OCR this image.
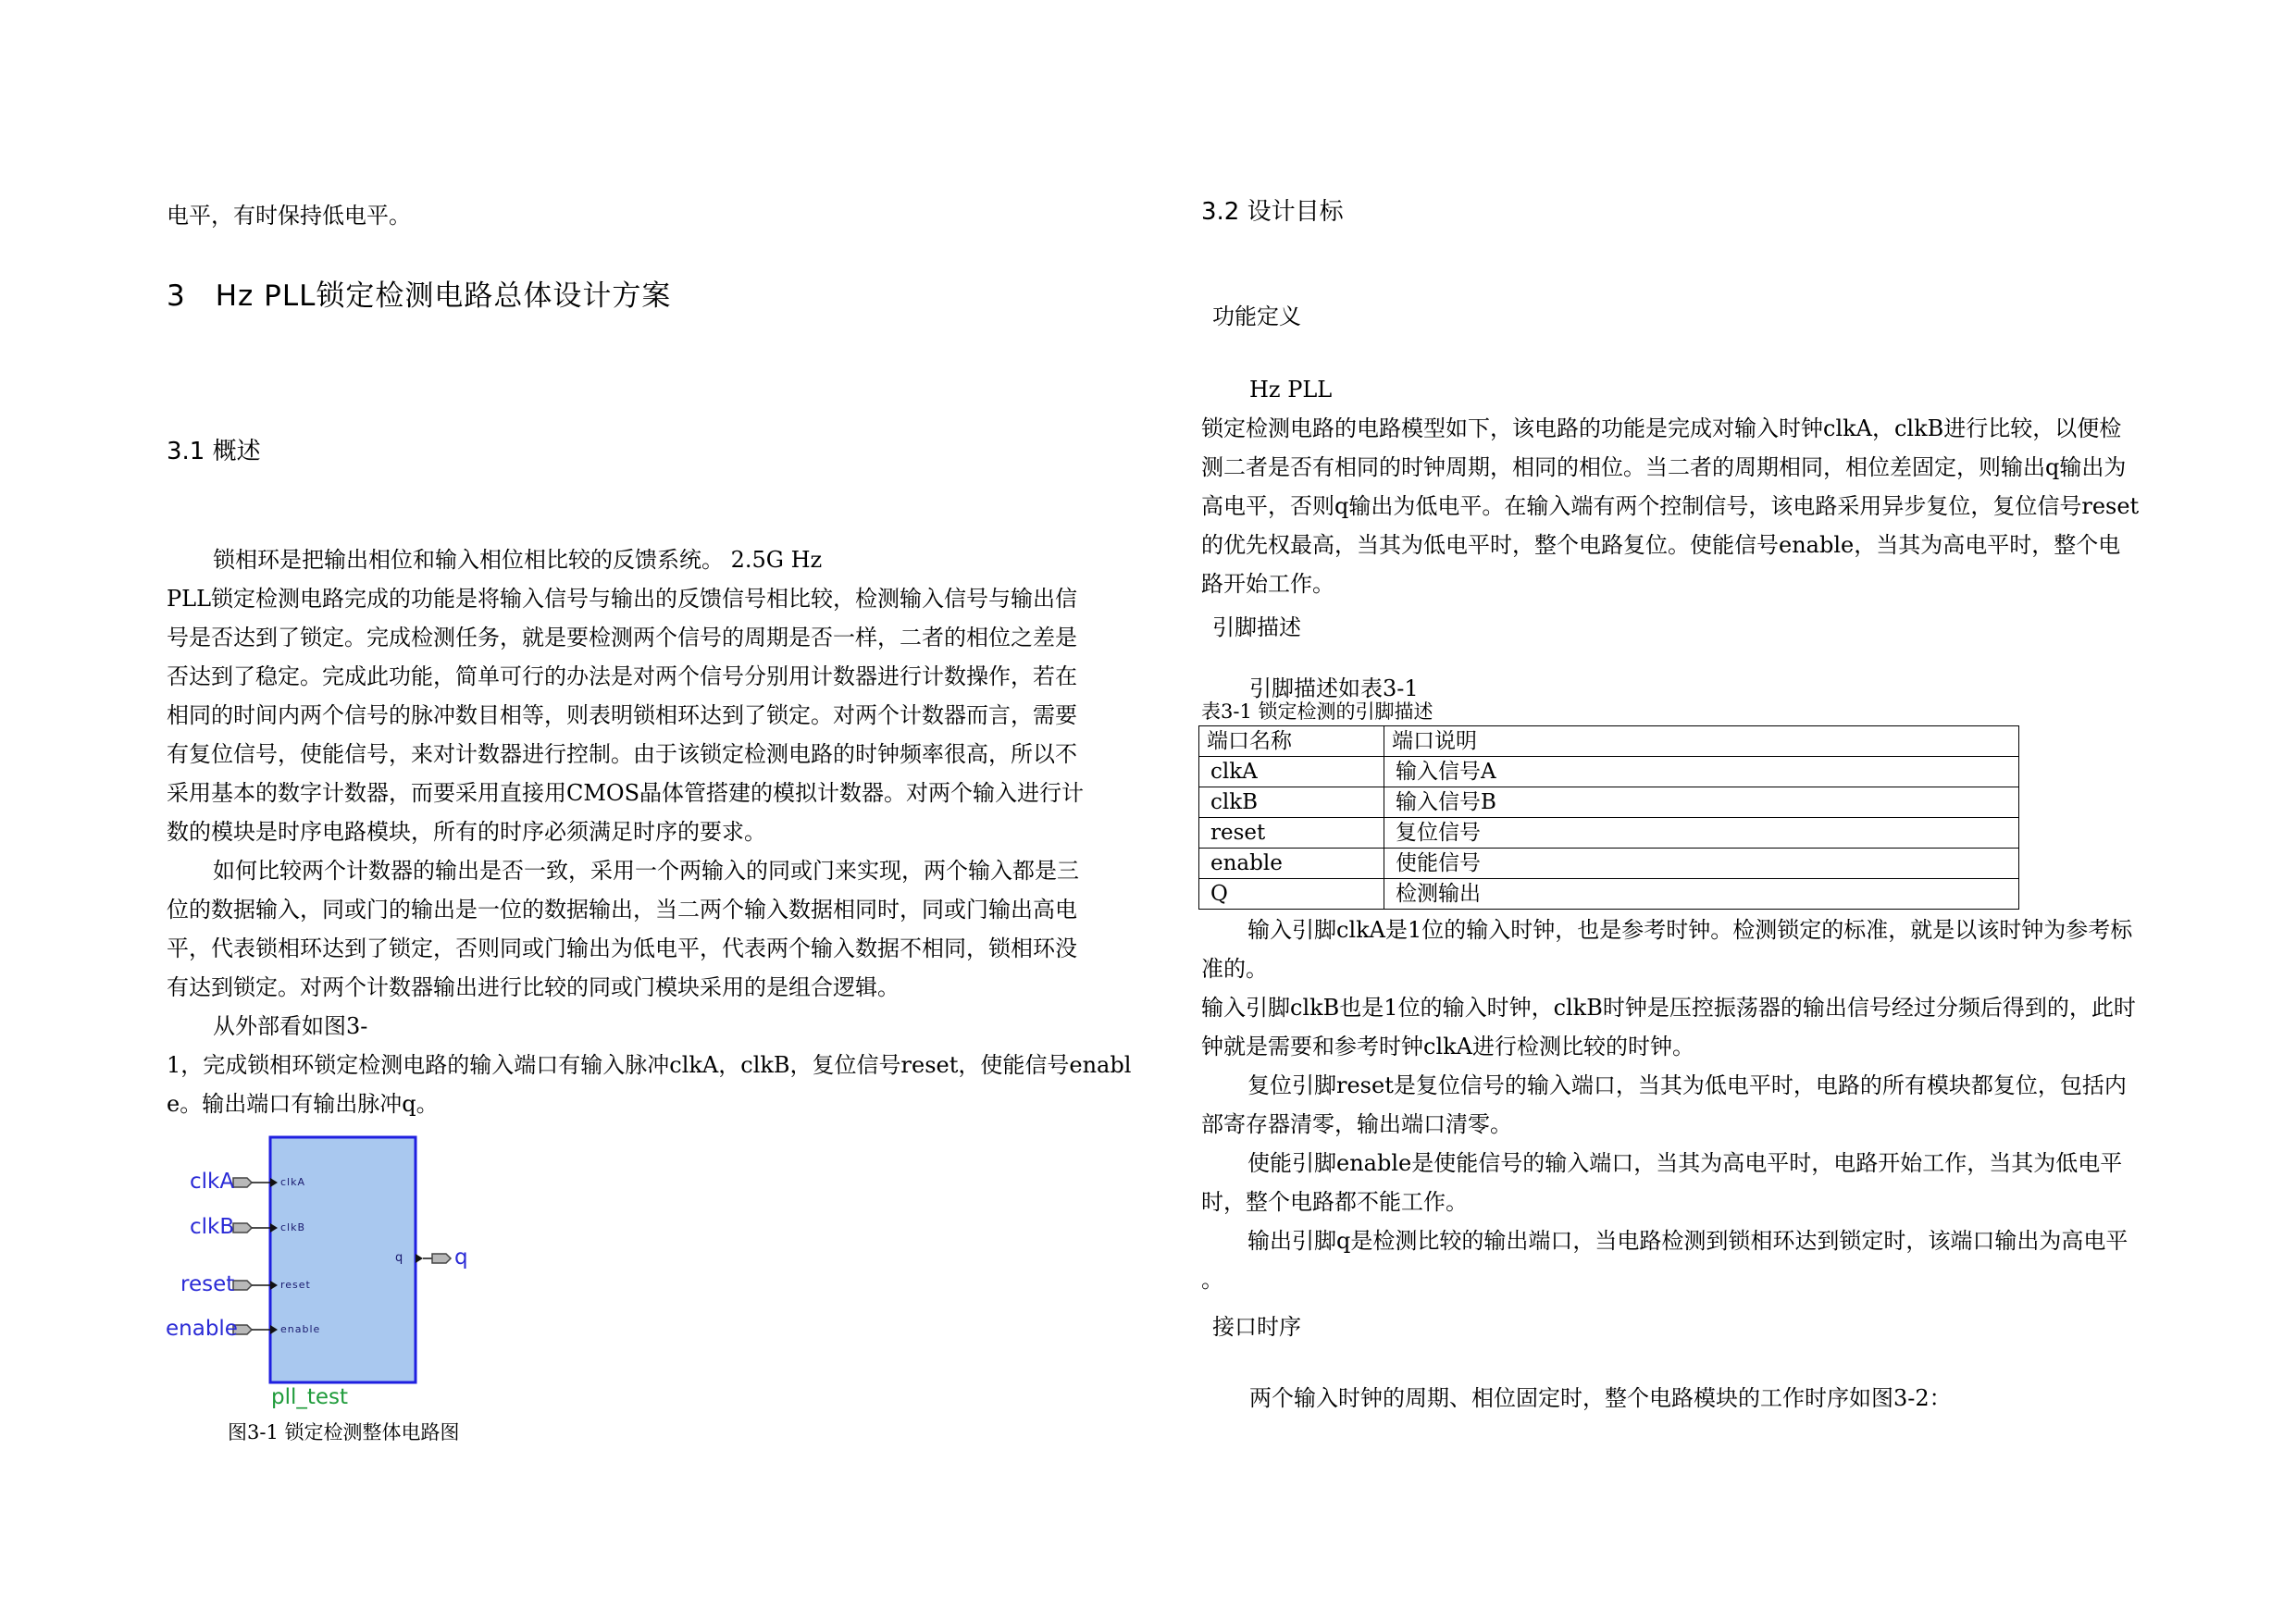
电平，有时保持低电平。
3　Hz PLL锁定检测电路总体设计方案
3.1 概述
锁相环是把输出相位和输入相位相比较的反馈系统。 2.5G Hz
PLL锁定检测电路完成的功能是将输入信号与输出的反馈信号相比较，检测输入信号与输出信
号是否达到了锁定。完成检测任务，就是要检测两个信号的周期是否一样，二者的相位之差是
否达到了稳定。完成此功能，简单可行的办法是对两个信号分别用计数器进行计数操作，若在
相同的时间内两个信号的脉冲数目相等，则表明锁相环达到了锁定。对两个计数器而言，需要
有复位信号，使能信号，来对计数器进行控制。由于该锁定检测电路的时钟频率很高，所以不
采用基本的数字计数器，而要采用直接用CMOS晶体管搭建的模拟计数器。对两个输入进行计
数的模块是时序电路模块，所有的时序必须满足时序的要求。
如何比较两个计数器的输出是否一致，采用一个两输入的同或门来实现，两个输入都是三
位的数据输入，同或门的输出是一位的数据输出，当二两个输入数据相同时，同或门输出高电
平，代表锁相环达到了锁定，否则同或门输出为低电平，代表两个输入数据不相同，锁相环没
有达到锁定。对两个计数器输出进行比较的同或门模块采用的是组合逻辑。
从外部看如图3-
1，完成锁相环锁定检测电路的输入端口有输入脉冲clkA，clkB，复位信号reset，使能信号enabl
e。输出端口有输出脉冲q。
clkA
clkB
reset
enable
q
clkA
clkB
reset
enable
q
pll_test
图3-1 锁定检测整体电路图
3.2 设计目标
功能定义
Hz PLL
锁定检测电路的电路模型如下，该电路的功能是完成对输入时钟clkA，clkB进行比较，以便检
测二者是否有相同的时钟周期，相同的相位。当二者的周期相同，相位差固定，则输出q输出为
高电平，否则q输出为低电平。在输入端有两个控制信号，该电路采用异步复位，复位信号reset
的优先权最高，当其为低电平时，整个电路复位。使能信号enable，当其为高电平时，整个电
路开始工作。
引脚描述
引脚描述如表3-1
表3-1 锁定检测的引脚描述
端口名称	端口说明
clkA	输入信号A
clkB	输入信号B
reset	复位信号
enable	使能信号
Q	检测输出
输入引脚clkA是1位的输入时钟，也是参考时钟。检测锁定的标准，就是以该时钟为参考标
准的。
输入引脚clkB也是1位的输入时钟，clkB时钟是压控振荡器的输出信号经过分频后得到的，此时
钟就是需要和参考时钟clkA进行检测比较的时钟。
复位引脚reset是复位信号的输入端口，当其为低电平时，电路的所有模块都复位，包括内
部寄存器清零，输出端口清零。
使能引脚enable是使能信号的输入端口，当其为高电平时，电路开始工作，当其为低电平
时，整个电路都不能工作。
输出引脚q是检测比较的输出端口，当电路检测到锁相环达到锁定时，该端口输出为高电平
。
接口时序
两个输入时钟的周期、相位固定时，整个电路模块的工作时序如图3-2：
